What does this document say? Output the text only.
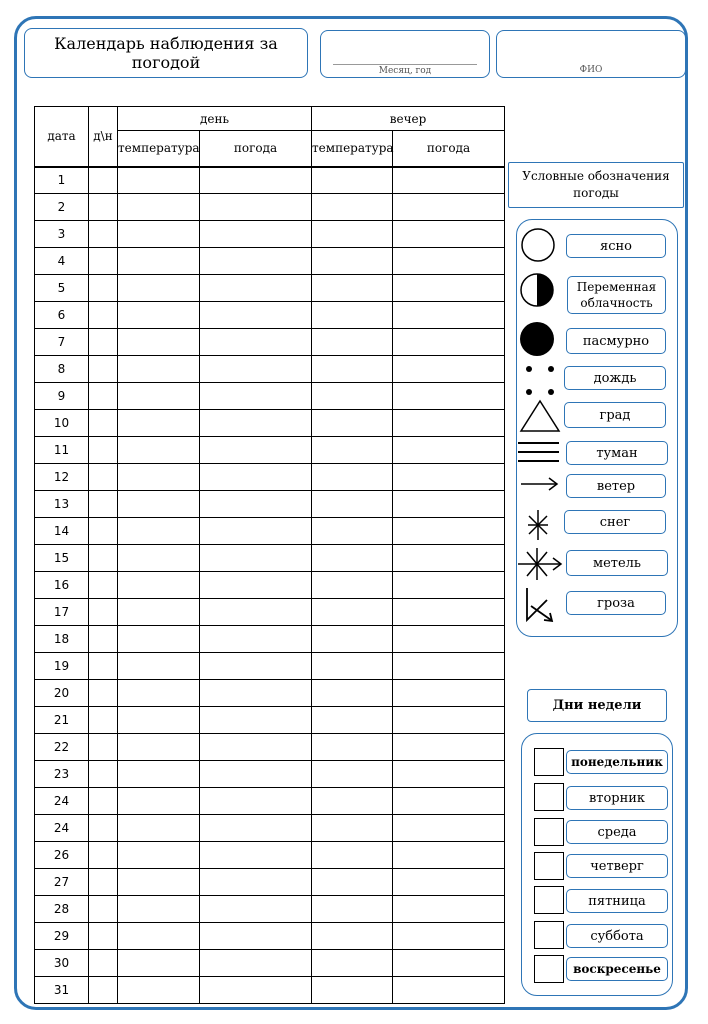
Календарь наблюдения за погодой	Месяц, год	ФИО
дата	д\н	день		вечер	
		температура	погода	температура	погода
1					
2					
3					
4					
5					
6					
7					
8					
9					
10					
11					
12					
13					
14					
15					
16					
17					
18					
19					
20					
21					
22					
23					
24					
24					
26					
27					
28					
29					
30					
31					
Условные обозначения погоды
ясно
Переменная облачность
пасмурно
дождь
град
туман
ветер
снег
метель
гроза
Дни недели
понедельник
вторник
среда
четверг
пятница
суббота
воскресенье
